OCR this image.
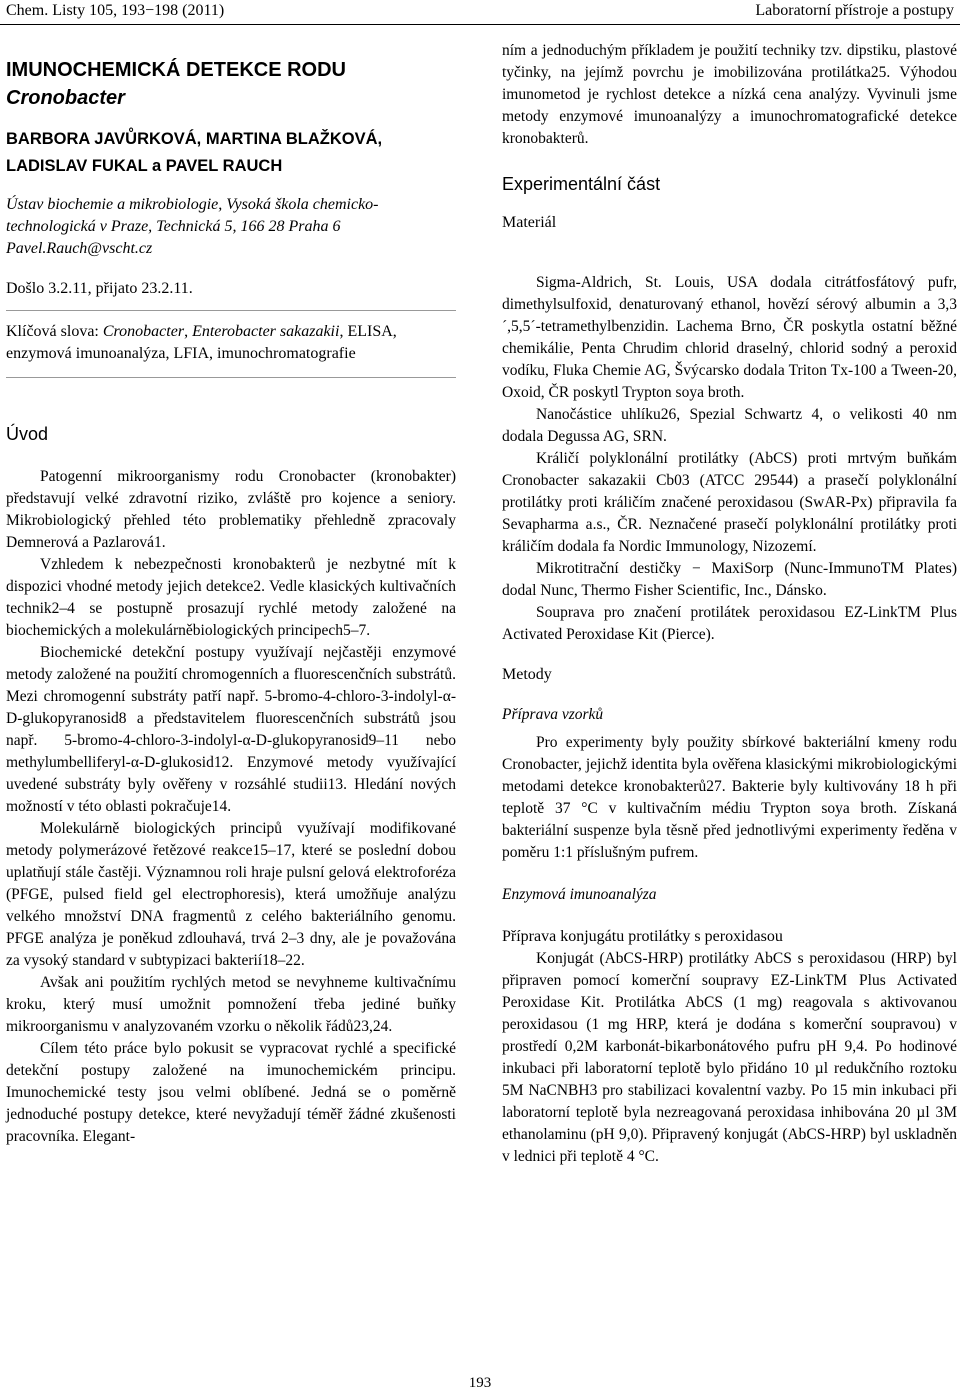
Chem. Listy 105, 193−198 (2011)	Laboratorní přístroje a postupy
IMUNOCHEMICKÁ DETEKCE RODU
Cronobacter
BARBORA JAVŮRKOVÁ, MARTINA BLAŽKOVÁ, LADISLAV FUKAL a PAVEL RAUCH
Ústav biochemie a mikrobiologie, Vysoká škola chemicko-technologická v Praze, Technická 5, 166 28 Praha 6 Pavel.Rauch@vscht.cz
Došlo 3.2.11, přijato 23.2.11.
Klíčová slova: Cronobacter, Enterobacter sakazakii, ELISA, enzymová imunoanalýza, LFIA, imunochromatografie
Úvod

Patogenní mikroorganismy rodu Cronobacter (kronobakter) představují velké zdravotní riziko, zvláště pro kojence a seniory. Mikrobiologický přehled této problematiky přehledně zpracovaly Demnerová a Pazlarová1.

Vzhledem k nebezpečnosti kronobakterů je nezbytné mít k dispozici vhodné metody jejich detekce2. Vedle klasických kultivačních technik2–4 se postupně prosazují rychlé metody založené na biochemických a molekulárněbiologických principech5–7.

Biochemické detekční postupy využívají nejčastěji enzymové metody založené na použití chromogenních a fluorescenčních substrátů. Mezi chromogenní substráty patří např. 5-bromo-4-chloro-3-indolyl-α-D-glukopyranosid8 a představitelem fluorescenčních substrátů jsou např. 5-bromo-4-chloro-3-indolyl-α-D-glukopyranosid9–11 nebo methylumbelliferyl-α-D-glukosid12. Enzymové metody využívající uvedené substráty byly ověřeny v rozsáhlé studii13. Hledání nových možností v této oblasti pokračuje14.

Molekulárně biologických principů využívají modifikované metody polymerázové řetězové reakce15–17, které se poslední dobou uplatňují stále častěji. Významnou roli hraje pulsní gelová elektroforéza (PFGE, pulsed field gel electrophoresis), která umožňuje analýzu velkého množství DNA fragmentů z celého bakteriálního genomu. PFGE analýza je poněkud zdlouhavá, trvá 2–3 dny, ale je považována za vysoký standard v subtypizaci bakterií18–22.

Avšak ani použitím rychlých metod se nevyhneme kultivačnímu kroku, který musí umožnit pomnožení třeba jediné buňky mikroorganismu v analyzovaném vzorku o několik řádů23,24.

Cílem této práce bylo pokusit se vypracovat rychlé a specifické detekční postupy založené na imunochemickém principu. Imunochemické testy jsou velmi oblíbené. Jedná se o poměrně jednoduché postupy detekce, které nevyžadují téměř žádné zkušenosti pracovníka. Elegant-

ním a jednoduchým příkladem je použití techniky tzv. dipstiku, plastové tyčinky, na jejímž povrchu je imobilizována protilátka25. Výhodou imunometod je rychlost detekce a nízká cena analýzy. Vyvinuli jsme metody enzymové imunoanalýzy a imunochromatografické detekce kronobakterů.

Experimentální část
Materiál

Sigma-Aldrich, St. Louis, USA dodala citrátfosfátový pufr, dimethylsulfoxid, denaturovaný ethanol, hovězí sérový albumin a 3,3´,5,5´-tetramethylbenzidin. Lachema Brno, ČR poskytla ostatní běžné chemikálie, Penta Chrudim chlorid draselný, chlorid sodný a peroxid vodíku, Fluka Chemie AG, Švýcarsko dodala Triton Tx-100 a Tween-20, Oxoid, ČR poskytl Trypton soya broth.

Nanočástice uhlíku26, Spezial Schwartz 4, o velikosti 40 nm dodala Degussa AG, SRN.

Králičí polyklonální protilátky (AbCS) proti mrtvým buňkám Cronobacter sakazakii Cb03 (ATCC 29544) a prasečí polyklonální protilátky proti králičím značené peroxidasou (SwAR-Px) připravila fa Sevapharma a.s., ČR. Neznačené prasečí polyklonální protilátky proti králičím dodala fa Nordic Immunology, Nizozemí.

Mikrotitrační destičky − MaxiSorp (Nunc-ImmunoTM Plates) dodal Nunc, Thermo Fisher Scientific, Inc., Dánsko.

Souprava pro značení protilátek peroxidasou EZ-LinkTM Plus Activated Peroxidase Kit (Pierce).

Metody
Příprava vzorků

Pro experimenty byly použity sbírkové bakteriální kmeny rodu Cronobacter, jejichž identita byla ověřena klasickými mikrobiologickými metodami detekce kronobakterů27. Bakterie byly kultivovány 18 h při teplotě 37 °C v kultivačním médiu Trypton soya broth. Získaná bakteriální suspenze byla těsně před jednotlivými experimenty ředěna v poměru 1:1 příslušným pufrem.

Enzymová imunoanalýza
Příprava konjugátu protilátky s peroxidasou

Konjugát (AbCS-HRP) protilátky AbCS s peroxidasou (HRP) byl připraven pomocí komerční soupravy EZ-LinkTM Plus Activated Peroxidase Kit. Protilátka AbCS (1 mg) reagovala s aktivovanou peroxidasou (1 mg HRP, která je dodána s komerční soupravou) v prostředí 0,2M karbonát-bikarbonátového pufru pH 9,4. Po hodinové inkubaci při laboratorní teplotě bylo přidáno 10 µl redukčního roztoku 5M NaCNBH3 pro stabilizaci kovalentní vazby. Po 15 min inkubaci při laboratorní teplotě byla nezreagovaná peroxidasa inhibována 20 µl 3M ethanolaminu (pH 9,0). Připravený konjugát (AbCS-HRP) byl uskladněn v lednici při teplotě 4 °C.

193
